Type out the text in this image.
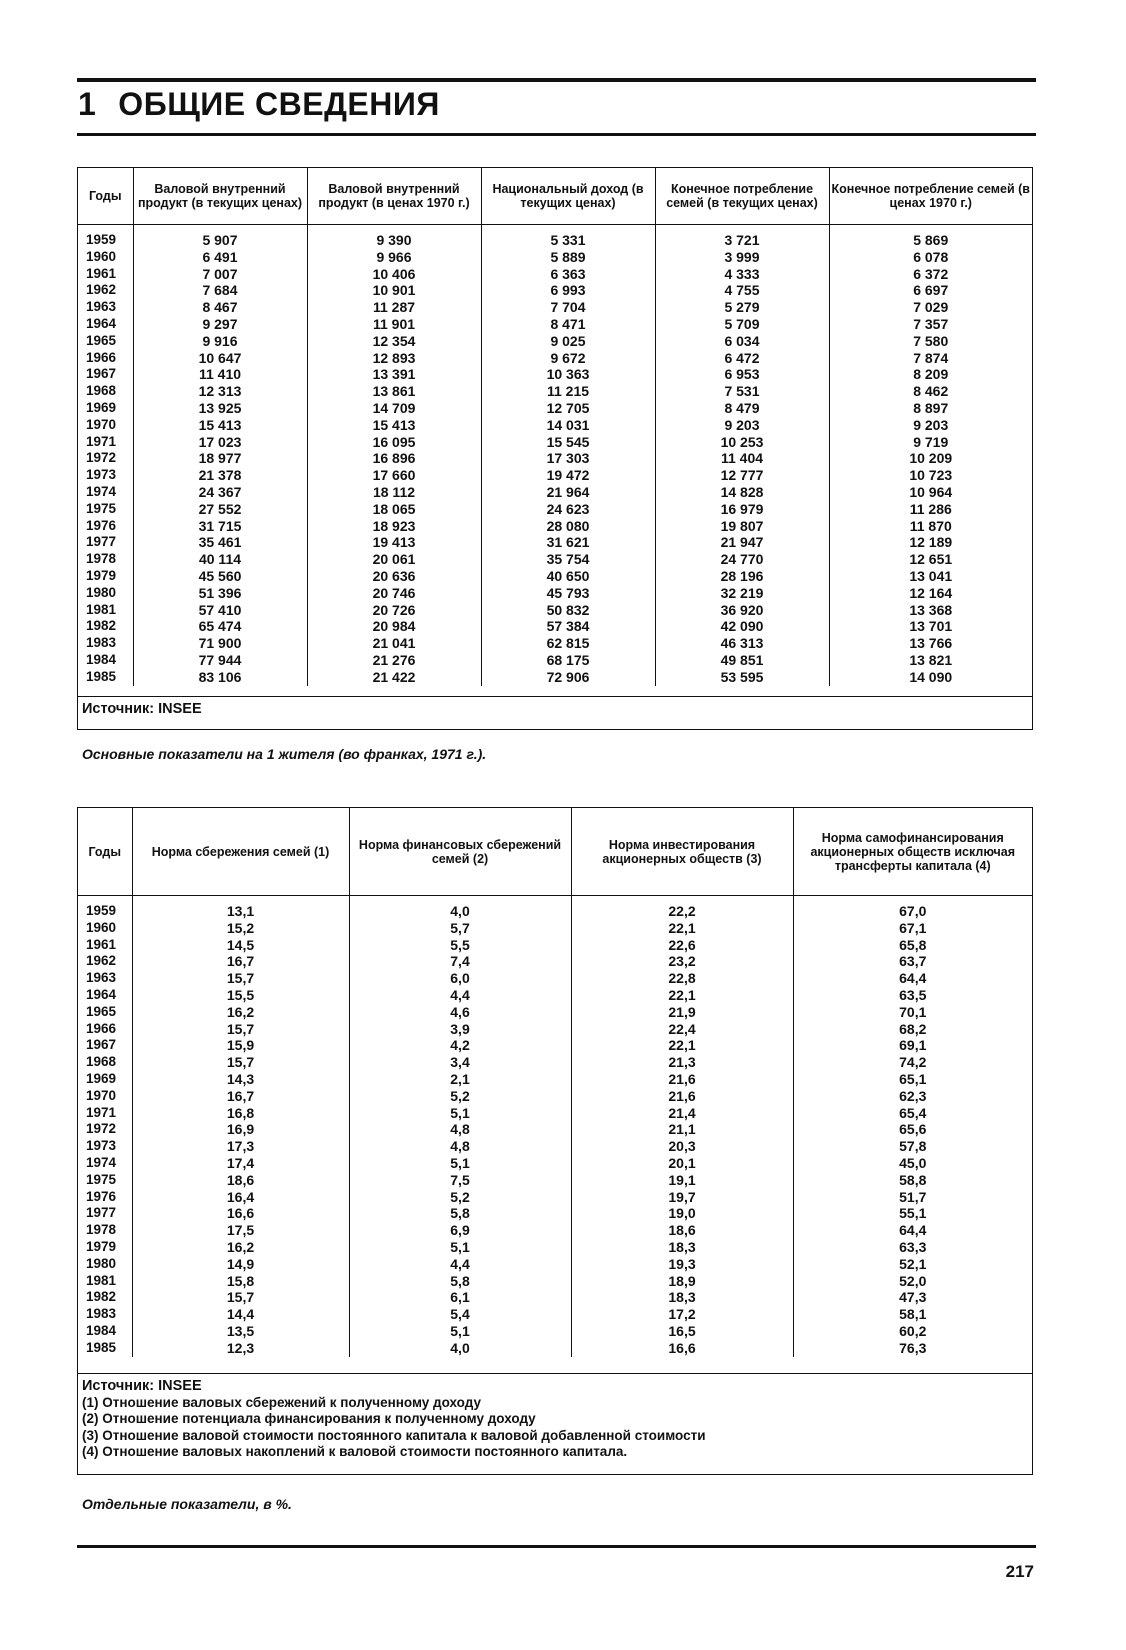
1 ОБЩИЕ СВЕДЕНИЯ
Годы	Валовой внутренний продукт (в текущих ценах)	Валовой внутренний продукт (в ценах 1970 г.)	Национальный доход (в текущих ценах)	Конечное потребление семей (в текущих ценах)	Конечное потребление семей (в ценах 1970 г.)

1959	5 907	9 390	5 331	3 721	5 869
1960	6 491	9 966	5 889	3 999	6 078
1961	7 007	10 406	6 363	4 333	6 372
1962	7 684	10 901	6 993	4 755	6 697
1963	8 467	11 287	7 704	5 279	7 029
1964	9 297	11 901	8 471	5 709	7 357
1965	9 916	12 354	9 025	6 034	7 580
1966	10 647	12 893	9 672	6 472	7 874
1967	11 410	13 391	10 363	6 953	8 209
1968	12 313	13 861	11 215	7 531	8 462
1969	13 925	14 709	12 705	8 479	8 897
1970	15 413	15 413	14 031	9 203	9 203
1971	17 023	16 095	15 545	10 253	9 719
1972	18 977	16 896	17 303	11 404	10 209
1973	21 378	17 660	19 472	12 777	10 723
1974	24 367	18 112	21 964	14 828	10 964
1975	27 552	18 065	24 623	16 979	11 286
1976	31 715	18 923	28 080	19 807	11 870
1977	35 461	19 413	31 621	21 947	12 189
1978	40 114	20 061	35 754	24 770	12 651
1979	45 560	20 636	40 650	28 196	13 041
1980	51 396	20 746	45 793	32 219	12 164
1981	57 410	20 726	50 832	36 920	13 368
1982	65 474	20 984	57 384	42 090	13 701
1983	71 900	21 041	62 815	46 313	13 766
1984	77 944	21 276	68 175	49 851	13 821
1985	83 106	21 422	72 906	53 595	14 090
Источник: INSEE
Основные показатели на 1 жителя (во франках, 1971 г.).
Годы	Норма сбережения семей (1)	Норма финансовых сбережений семей (2)	Норма инвестирования акционерных обществ (3)	Норма самофинансирования акционерных обществ исключая трансферты капитала (4)

1959	13,1	4,0	22,2	67,0
1960	15,2	5,7	22,1	67,1
1961	14,5	5,5	22,6	65,8
1962	16,7	7,4	23,2	63,7
1963	15,7	6,0	22,8	64,4
1964	15,5	4,4	22,1	63,5
1965	16,2	4,6	21,9	70,1
1966	15,7	3,9	22,4	68,2
1967	15,9	4,2	22,1	69,1
1968	15,7	3,4	21,3	74,2
1969	14,3	2,1	21,6	65,1
1970	16,7	5,2	21,6	62,3
1971	16,8	5,1	21,4	65,4
1972	16,9	4,8	21,1	65,6
1973	17,3	4,8	20,3	57,8
1974	17,4	5,1	20,1	45,0
1975	18,6	7,5	19,1	58,8
1976	16,4	5,2	19,7	51,7
1977	16,6	5,8	19,0	55,1
1978	17,5	6,9	18,6	64,4
1979	16,2	5,1	18,3	63,3
1980	14,9	4,4	19,3	52,1
1981	15,8	5,8	18,9	52,0
1982	15,7	6,1	18,3	47,3
1983	14,4	5,4	17,2	58,1
1984	13,5	5,1	16,5	60,2
1985	12,3	4,0	16,6	76,3
Источник: INSEE
(1) Отношение валовых сбережений к полученному доходу
(2) Отношение потенциала финансирования к полученному доходу
(3) Отношение валовой стоимости постоянного капитала к валовой добавленной стоимости
(4) Отношение валовых накоплений к валовой стоимости постоянного капитала.
Отдельные показатели, в %.
217
